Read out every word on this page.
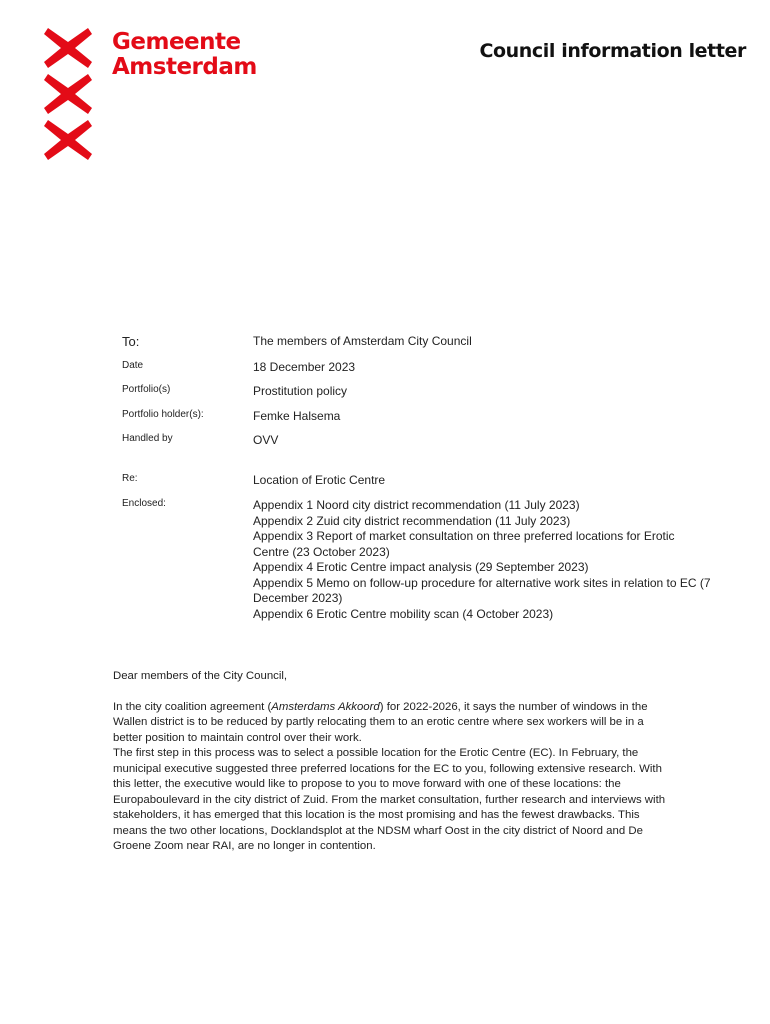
Gemeente
Amsterdam
Council information letter
To:	The members of Amsterdam City Council
Date	18 December 2023
Portfolio(s)	Prostitution policy
Portfolio holder(s):	Femke Halsema
Handled by	OVV
Re:	Location of Erotic Centre
Enclosed:	Appendix 1 Noord city district recommendation (11 July 2023)
Appendix 2 Zuid city district recommendation (11 July 2023)
Appendix 3 Report of market consultation on three preferred locations for Erotic
Centre (23 October 2023)
Appendix 4 Erotic Centre impact analysis (29 September 2023)
Appendix 5 Memo on follow-up procedure for alternative work sites in relation to EC (7
December 2023)
Appendix 6 Erotic Centre mobility scan (4 October 2023)

Dear members of the City Council,

In the city coalition agreement (Amsterdams Akkoord) for 2022-2026, it says the number of windows in the Wallen district is to be reduced by partly relocating them to an erotic centre where sex workers will be in a better position to maintain control over their work.

The first step in this process was to select a possible location for the Erotic Centre (EC). In February, the municipal executive suggested three preferred locations for the EC to you, following extensive research. With this letter, the executive would like to propose to you to move forward with one of these locations: the Europaboulevard in the city district of Zuid. From the market consultation, further research and interviews with stakeholders, it has emerged that this location is the most promising and has the fewest drawbacks. This means the two other locations, Docklandsplot at the NDSM wharf Oost in the city district of Noord and De Groene Zoom near RAI, are no longer in contention.
